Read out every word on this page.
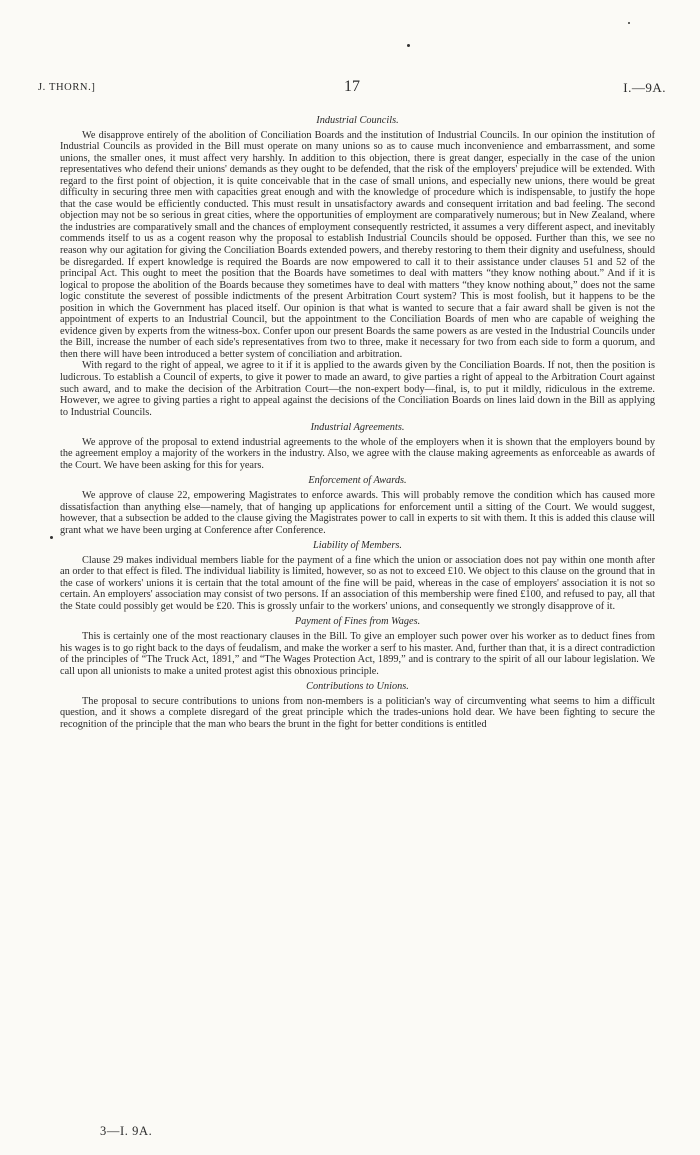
J. THORN.]	17	I.—9A.
Industrial Councils.

We disapprove entirely of the abolition of Conciliation Boards and the institution of Industrial Councils. In our opinion the institution of Industrial Councils as provided in the Bill must operate on many unions so as to cause much inconvenience and embarrassment, and some unions, the smaller ones, it must affect very harshly. In addition to this objection, there is great danger, especially in the case of the union representatives who defend their unions' demands as they ought to be defended, that the risk of the employers' prejudice will be extended. With regard to the first point of objection, it is quite conceivable that in the case of small unions, and especially new unions, there would be great difficulty in securing three men with capacities great enough and with the knowledge of procedure which is indispensable, to justify the hope that the case would be efficiently conducted. This must result in unsatisfactory awards and consequent irritation and bad feeling. The second objection may not be so serious in great cities, where the opportunities of employment are comparatively numerous; but in New Zealand, where the industries are comparatively small and the chances of employment consequently restricted, it assumes a very different aspect, and inevitably commends itself to us as a cogent reason why the proposal to establish Industrial Councils should be opposed. Further than this, we see no reason why our agitation for giving the Conciliation Boards extended powers, and thereby restoring to them their dignity and usefulness, should be disregarded. If expert knowledge is required the Boards are now empowered to call it to their assistance under clauses 51 and 52 of the principal Act. This ought to meet the position that the Boards have sometimes to deal with matters “they know nothing about.” And if it is logical to propose the abolition of the Boards because they sometimes have to deal with matters “they know nothing about,” does not the same logic constitute the severest of possible indictments of the present Arbitration Court system? This is most foolish, but it happens to be the position in which the Government has placed itself. Our opinion is that what is wanted to secure that a fair award shall be given is not the appointment of experts to an Industrial Council, but the appointment to the Conciliation Boards of men who are capable of weighing the evidence given by experts from the witness-box. Confer upon our present Boards the same powers as are vested in the Industrial Councils under the Bill, increase the number of each side's representatives from two to three, make it necessary for two from each side to form a quorum, and then there will have been introduced a better system of conciliation and arbitration.

With regard to the right of appeal, we agree to it if it is applied to the awards given by the Conciliation Boards. If not, then the position is ludicrous. To establish a Council of experts, to give it power to made an award, to give parties a right of appeal to the Arbitration Court against such award, and to make the decision of the Arbitration Court—the non-expert body—final, is, to put it mildly, ridiculous in the extreme. However, we agree to giving parties a right to appeal against the decisions of the Conciliation Boards on lines laid down in the Bill as applying to Industrial Councils.

Industrial Agreements.

We approve of the proposal to extend industrial agreements to the whole of the employers when it is shown that the employers bound by the agreement employ a majority of the workers in the industry. Also, we agree with the clause making agreements as enforceable as awards of the Court. We have been asking for this for years.

Enforcement of Awards.

We approve of clause 22, empowering Magistrates to enforce awards. This will probably remove the condition which has caused more dissatisfaction than anything else—namely, that of hanging up applications for enforcement until a sitting of the Court. We would suggest, however, that a subsection be added to the clause giving the Magistrates power to call in experts to sit with them. It this is added this clause will grant what we have been urging at Conference after Conference.

Liability of Members.

Clause 29 makes individual members liable for the payment of a fine which the union or association does not pay within one month after an order to that effect is filed. The individual liability is limited, however, so as not to exceed £10. We object to this clause on the ground that in the case of workers' unions it is certain that the total amount of the fine will be paid, whereas in the case of employers' association it is not so certain. An employers' association may consist of two persons. If an association of this membership were fined £100, and refused to pay, all that the State could possibly get would be £20. This is grossly unfair to the workers' unions, and consequently we strongly disapprove of it.

Payment of Fines from Wages.

This is certainly one of the most reactionary clauses in the Bill. To give an employer such power over his worker as to deduct fines from his wages is to go right back to the days of feudalism, and make the worker a serf to his master. And, further than that, it is a direct contradiction of the principles of “The Truck Act, 1891,” and “The Wages Protection Act, 1899,” and is contrary to the spirit of all our labour legislation. We call upon all unionists to make a united protest agist this obnoxious principle.

Contributions to Unions.

The proposal to secure contributions to unions from non-members is a politician's way of circumventing what seems to him a difficult question, and it shows a complete disregard of the great principle which the trades-unions hold dear. We have been fighting to secure the recognition of the principle that the man who bears the brunt in the fight for better conditions is entitled

3—I. 9A.
